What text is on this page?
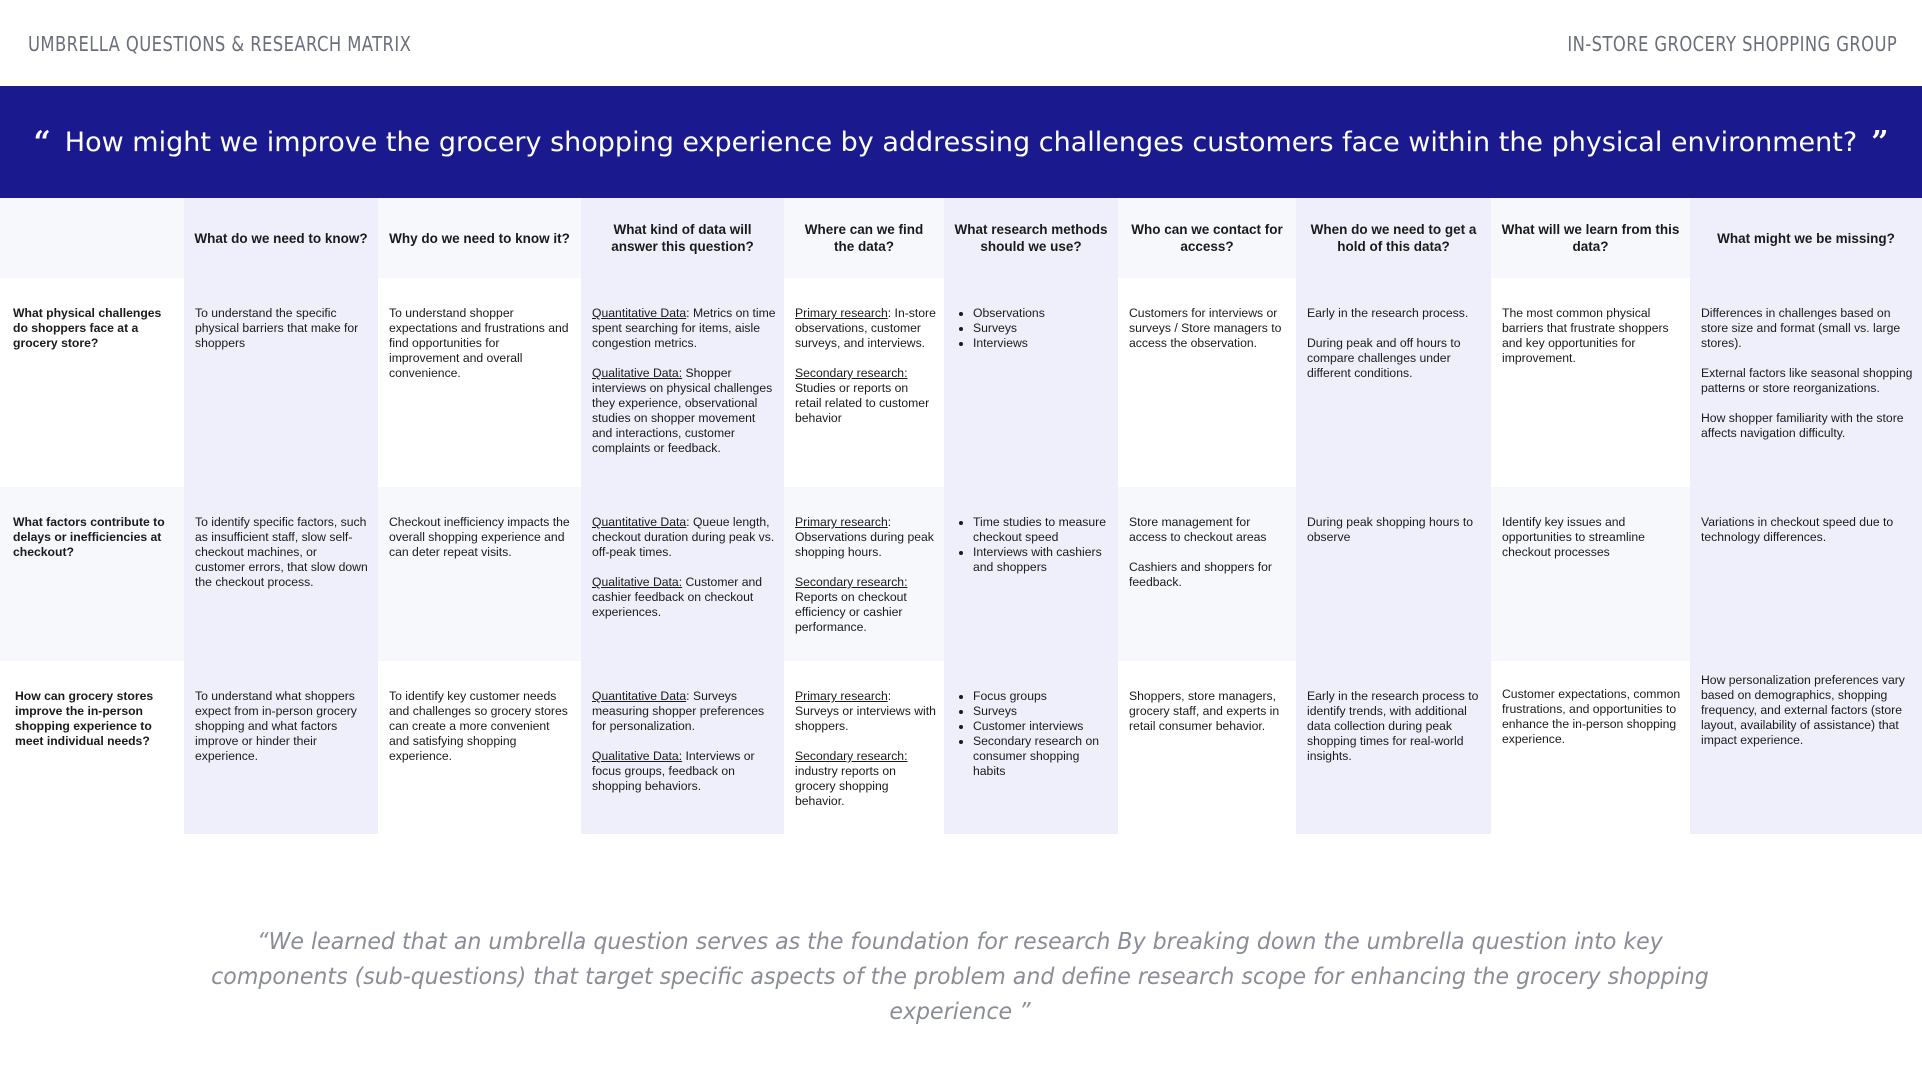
UMBRELLA QUESTIONS & RESEARCH MATRIX	IN-STORE GROCERY SHOPPING GROUP
“ How might we improve the grocery shopping experience by addressing challenges customers face within the physical environment? ”
What do we need to know?	Why do we need to know it?
What kind of data will answer this question?
Where can we find the data?
What research methods should we use?
Who can we contact for access?
When do we need to get a hold of this data?
What will we learn from this data?
What might we be missing?
What physical challenges do shoppers face at a grocery store?

To understand the specific physical barriers that make for shoppers

To understand shopper expectations and frustrations and find opportunities for improvement and overall convenience.

Quantitative Data: Metrics on time spent searching for items, aisle congestion metrics.

Qualitative Data: Shopper interviews on physical challenges they experience, observational studies on shopper movement and interactions, customer complaints or feedback.

Primary research: In-store observations, customer surveys, and interviews.

Secondary research: Studies or reports on retail related to customer behavior

• Observations
• Surveys
• Interviews

Customers for interviews or surveys / Store managers to access the observation.

Early in the research process.

During peak and off hours to compare challenges under different conditions.

The most common physical barriers that frustrate shoppers and key opportunities for improvement.

Differences in challenges based on store size and format (small vs. large stores).

External factors like seasonal shopping patterns or store reorganizations.

How shopper familiarity with the store affects navigation difficulty.

What factors contribute to delays or inefficiencies at checkout?

To identify specific factors, such as insufficient staff, slow self-checkout machines, or customer errors, that slow down the checkout process.

Checkout inefficiency impacts the overall shopping experience and can deter repeat visits.

Quantitative Data: Queue length, checkout duration during peak vs. off-peak times.

Qualitative Data: Customer and cashier feedback on checkout experiences.

Primary research: Observations during peak shopping hours.

Secondary research: Reports on checkout efficiency or cashier performance.

• Time studies to measure checkout speed
• Interviews with cashiers and shoppers

Store management for access to checkout areas

Cashiers and shoppers for feedback.

During peak shopping hours to observe

Identify key issues and opportunities to streamline checkout processes

Variations in checkout speed due to technology differences.

How can grocery stores improve the in-person shopping experience to meet individual needs?

To understand what shoppers expect from in-person grocery shopping and what factors improve or hinder their experience.

To identify key customer needs and challenges so grocery stores can create a more convenient and satisfying shopping experience.

Quantitative Data: Surveys measuring shopper preferences for personalization.

Qualitative Data: Interviews or focus groups, feedback on shopping behaviors.

Primary research: Surveys or interviews with shoppers.

Secondary research: industry reports on grocery shopping behavior.

• Focus groups
• Surveys
• Customer interviews
• Secondary research on consumer shopping habits

Shoppers, store managers, grocery staff, and experts in retail consumer behavior.

Early in the research process to identify trends, with additional data collection during peak shopping times for real-world insights.

Customer expectations, common frustrations, and opportunities to enhance the in-person shopping experience.

How personalization preferences vary based on demographics, shopping frequency, and external factors (store layout, availability of assistance) that impact experience.

“We learned that an umbrella question serves as the foundation for research By breaking down the umbrella question into key components (sub-questions) that target specific aspects of the problem and define research scope for enhancing the grocery shopping experience ”
